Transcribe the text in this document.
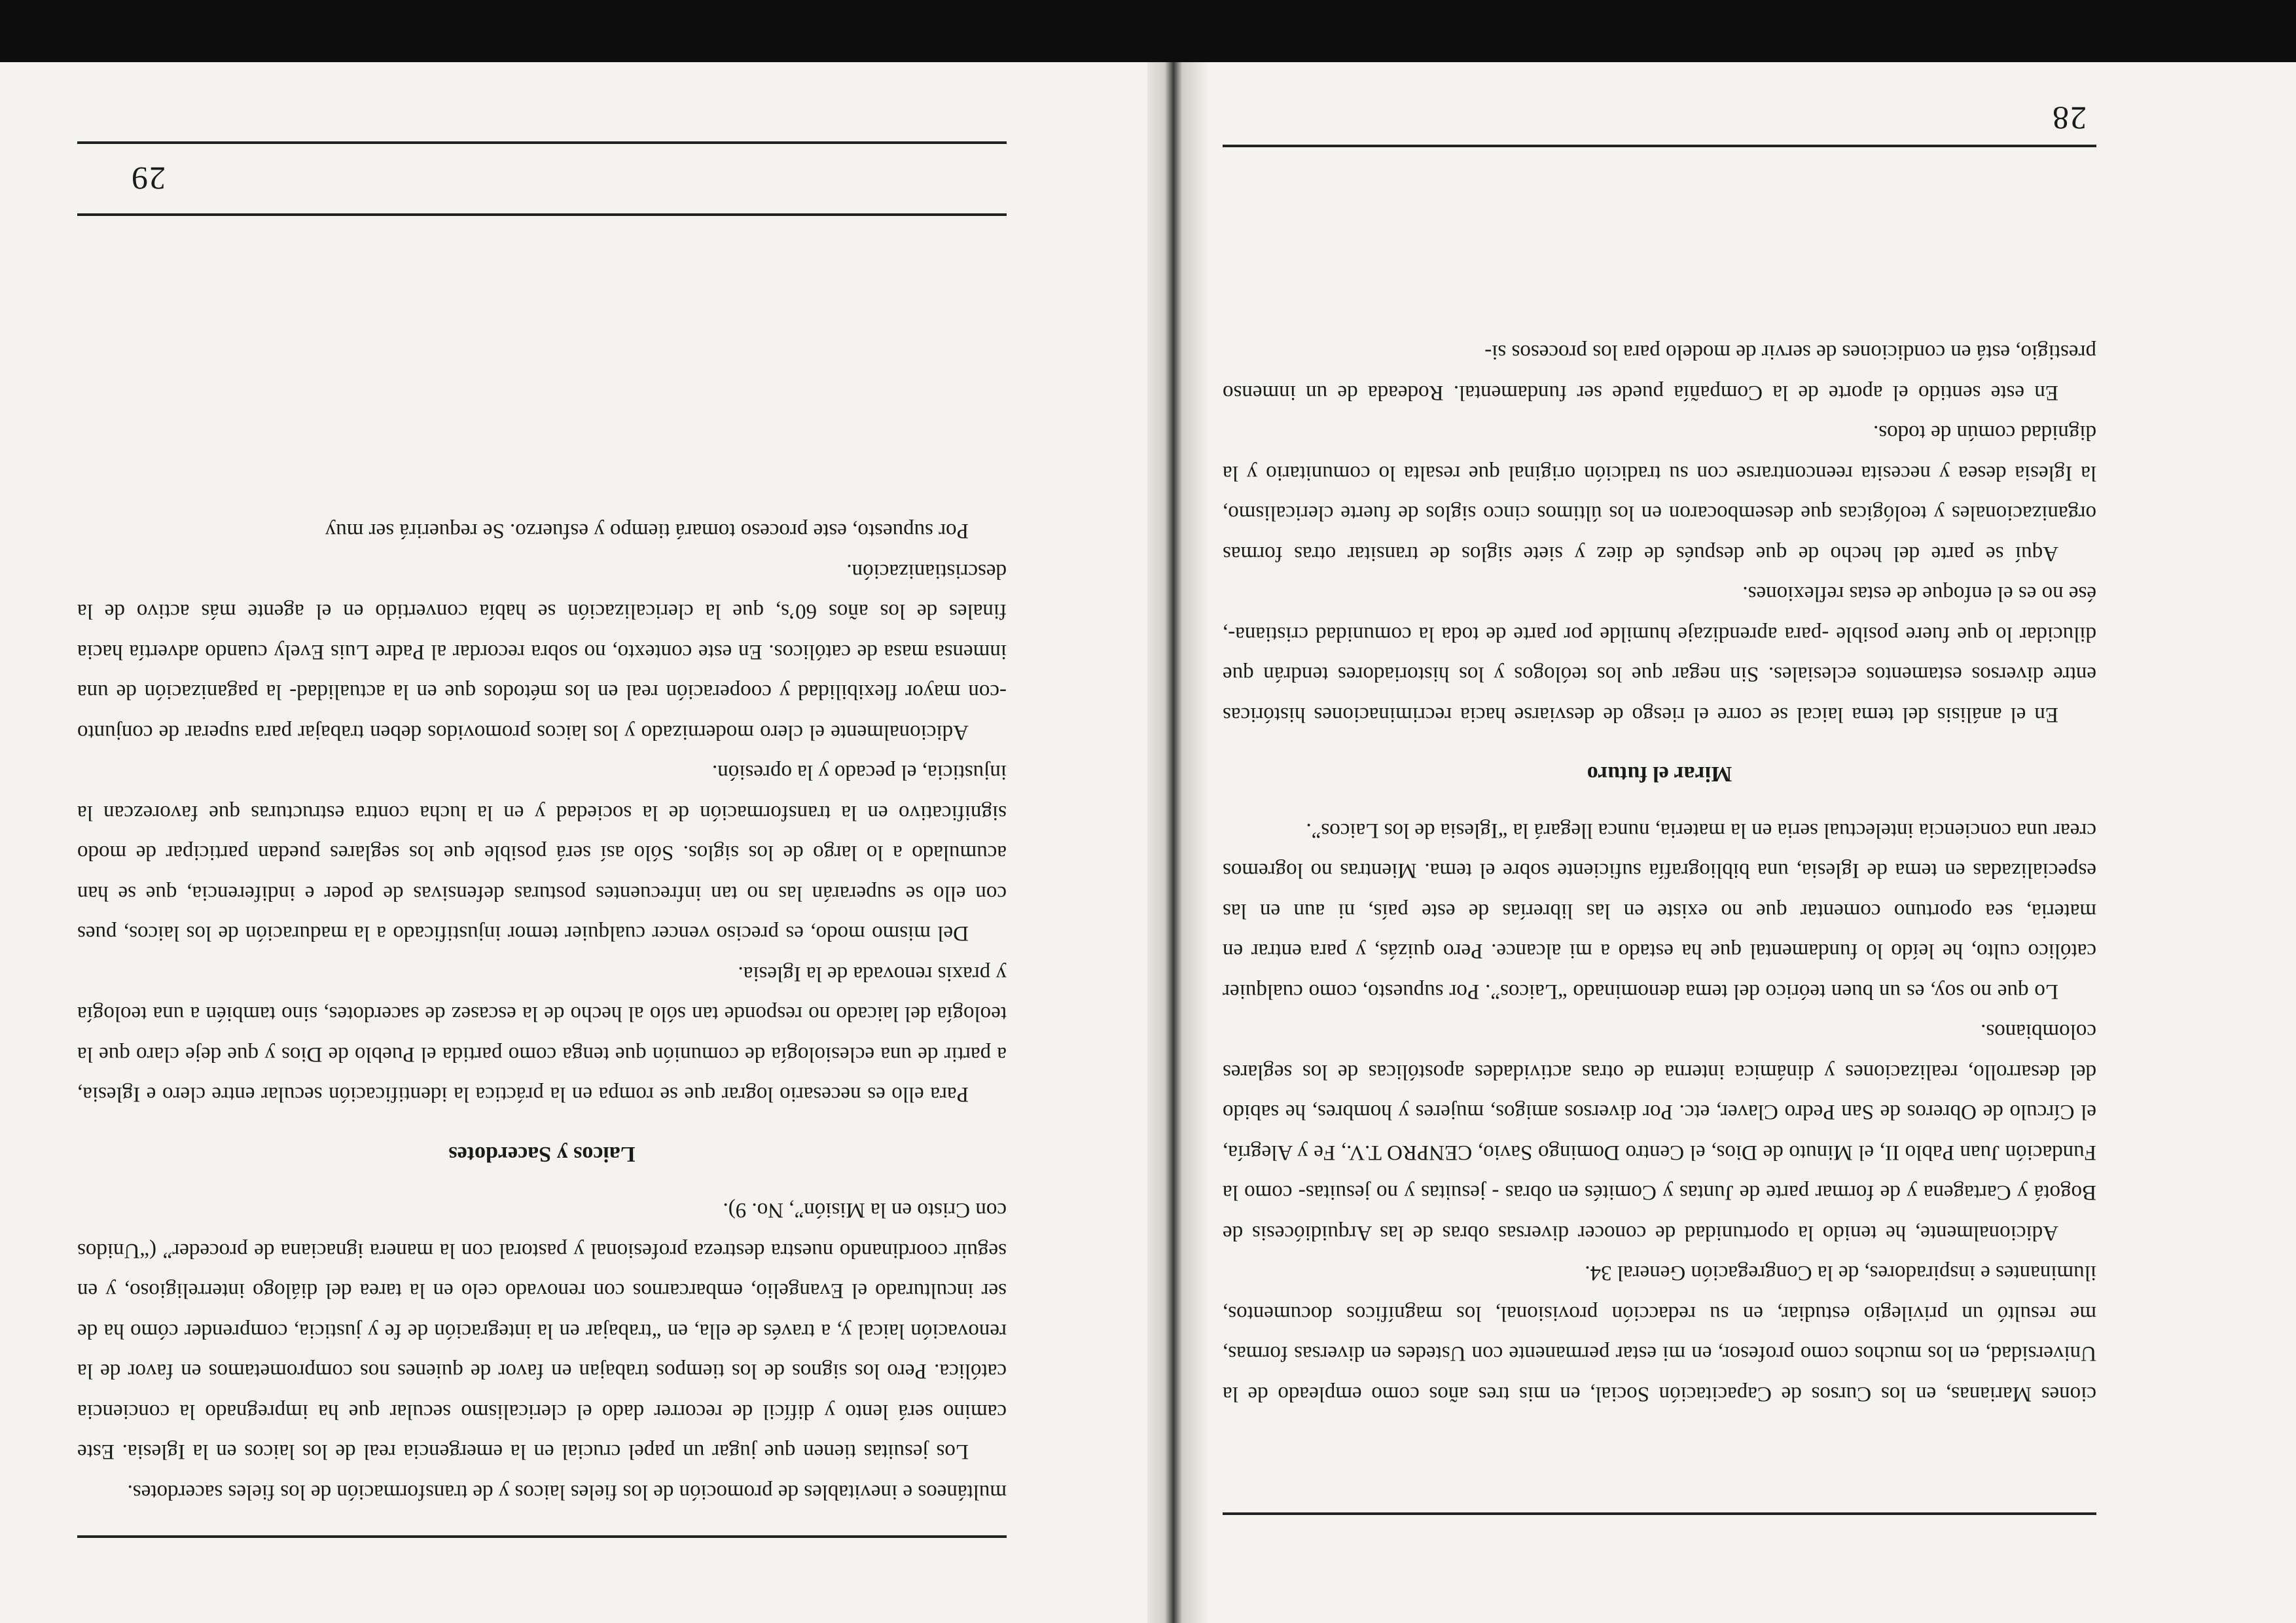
ciones Marianas, en los Cursos de Capacitación Social, en mis tres años como empleado de la Universidad, en los muchos como profesor, en mi estar permanente con Ustedes en diversas formas, me resultó un privilegio estudiar, en su redacción provisional, los magníficos documentos, iluminantes e inspiradores, de la Congregación General 34.

Adicionalmente, he tenido la oportunidad de conocer diversas obras de las Arquidiócesis de Bogotá y Cartagena y de formar parte de Juntas y Comités en obras - jesuitas y no jesuitas- como la Fundación Juan Pablo II, el Minuto de Dios, el Centro Domingo Savio, CENPRO T.V., Fe y Alegría, el Círculo de Obreros de San Pedro Claver, etc. Por diversos amigos, mujeres y hombres, he sabido del desarrollo, realizaciones y dinámica interna de otras actividades apostólicas de los seglares colombianos.

Lo que no soy, es un buen teórico del tema denominado “Laicos”. Por supuesto, como cualquier católico culto, he leído lo fundamental que ha estado a mi alcance. Pero quizás, y para entrar en materia, sea oportuno comentar que no existe en las librerías de este país, ni aun en las especializadas en tema de Iglesia, una bibliografía suficiente sobre el tema. Mientras no logremos crear una conciencia intelectual seria en la materia, nunca llegará la “Iglesia de los Laicos”.

Mirar el futuro

En el análisis del tema laical se corre el riesgo de desviarse hacia recriminaciones históricas entre diversos estamentos eclesiales. Sin negar que los teólogos y los historiadores tendrán que dilucidar lo que fuere posible -para aprendizaje humilde por parte de toda la comunidad cristiana-, ése no es el enfoque de estas reflexiones.

Aquí se parte del hecho de que después de diez y siete siglos de transitar otras formas organizacionales y teológicas que desembocaron en los últimos cinco siglos de fuerte clericalismo, la Iglesia desea y necesita reencontrarse con su tradición original que resalta lo comunitario y la dignidad común de todos.

En este sentido el aporte de la Compañía puede ser fundamental. Rodeada de un inmenso prestigio, está en condiciones de servir de modelo para los procesos si-

28

multáneos e inevitables de promoción de los fieles laicos y de transformación de los fieles sacerdotes.

Los jesuitas tienen que jugar un papel crucial en la emergencia real de los laicos en la Iglesia. Este camino será lento y difícil de recorrer dado el clericalismo secular que ha impregnado la conciencia católica. Pero los signos de los tiempos trabajan en favor de quienes nos comprometamos en favor de la renovación laical y, a través de ella, en “trabajar en la integración de fe y justicia, comprender cómo ha de ser inculturado el Evangelio, embarcarnos con renovado celo en la tarea del diálogo interreligioso, y en seguir coordinando nuestra destreza profesional y pastoral con la manera ignaciana de proceder” (“Unidos con Cristo en la Misión”, No. 9).

Laicos y Sacerdotes

Para ello es necesario lograr que se rompa en la práctica la identificación secular entre clero e Iglesia, a partir de una eclesiología de comunión que tenga como partida el Pueblo de Dios y que deje claro que la teología del laicado no responde tan sólo al hecho de la escasez de sacerdotes, sino también a una teología y praxis renovada de la Iglesia.

Del mismo modo, es preciso vencer cualquier temor injustificado a la maduración de los laicos, pues con ello se superarán las no tan infrecuentes posturas defensivas de poder e indiferencia, que se han acumulado a lo largo de los siglos. Sólo así será posible que los seglares puedan participar de modo significativo en la transformación de la sociedad y en la lucha contra estructuras que favorezcan la injusticia, el pecado y la opresión.

Adicionalmente el clero modernizado y los laicos promovidos deben trabajar para superar de conjunto -con mayor flexibilidad y cooperación real en los métodos que en la actualidad- la paganización de una inmensa masa de católicos. En este contexto, no sobra recordar al Padre Luis Evely cuando advertía hacia finales de los años 60’s, que la clericalización se había convertido en el agente más activo de la descristianización.

Por supuesto, este proceso tomará tiempo y esfuerzo. Se requerirá ser muy

29
